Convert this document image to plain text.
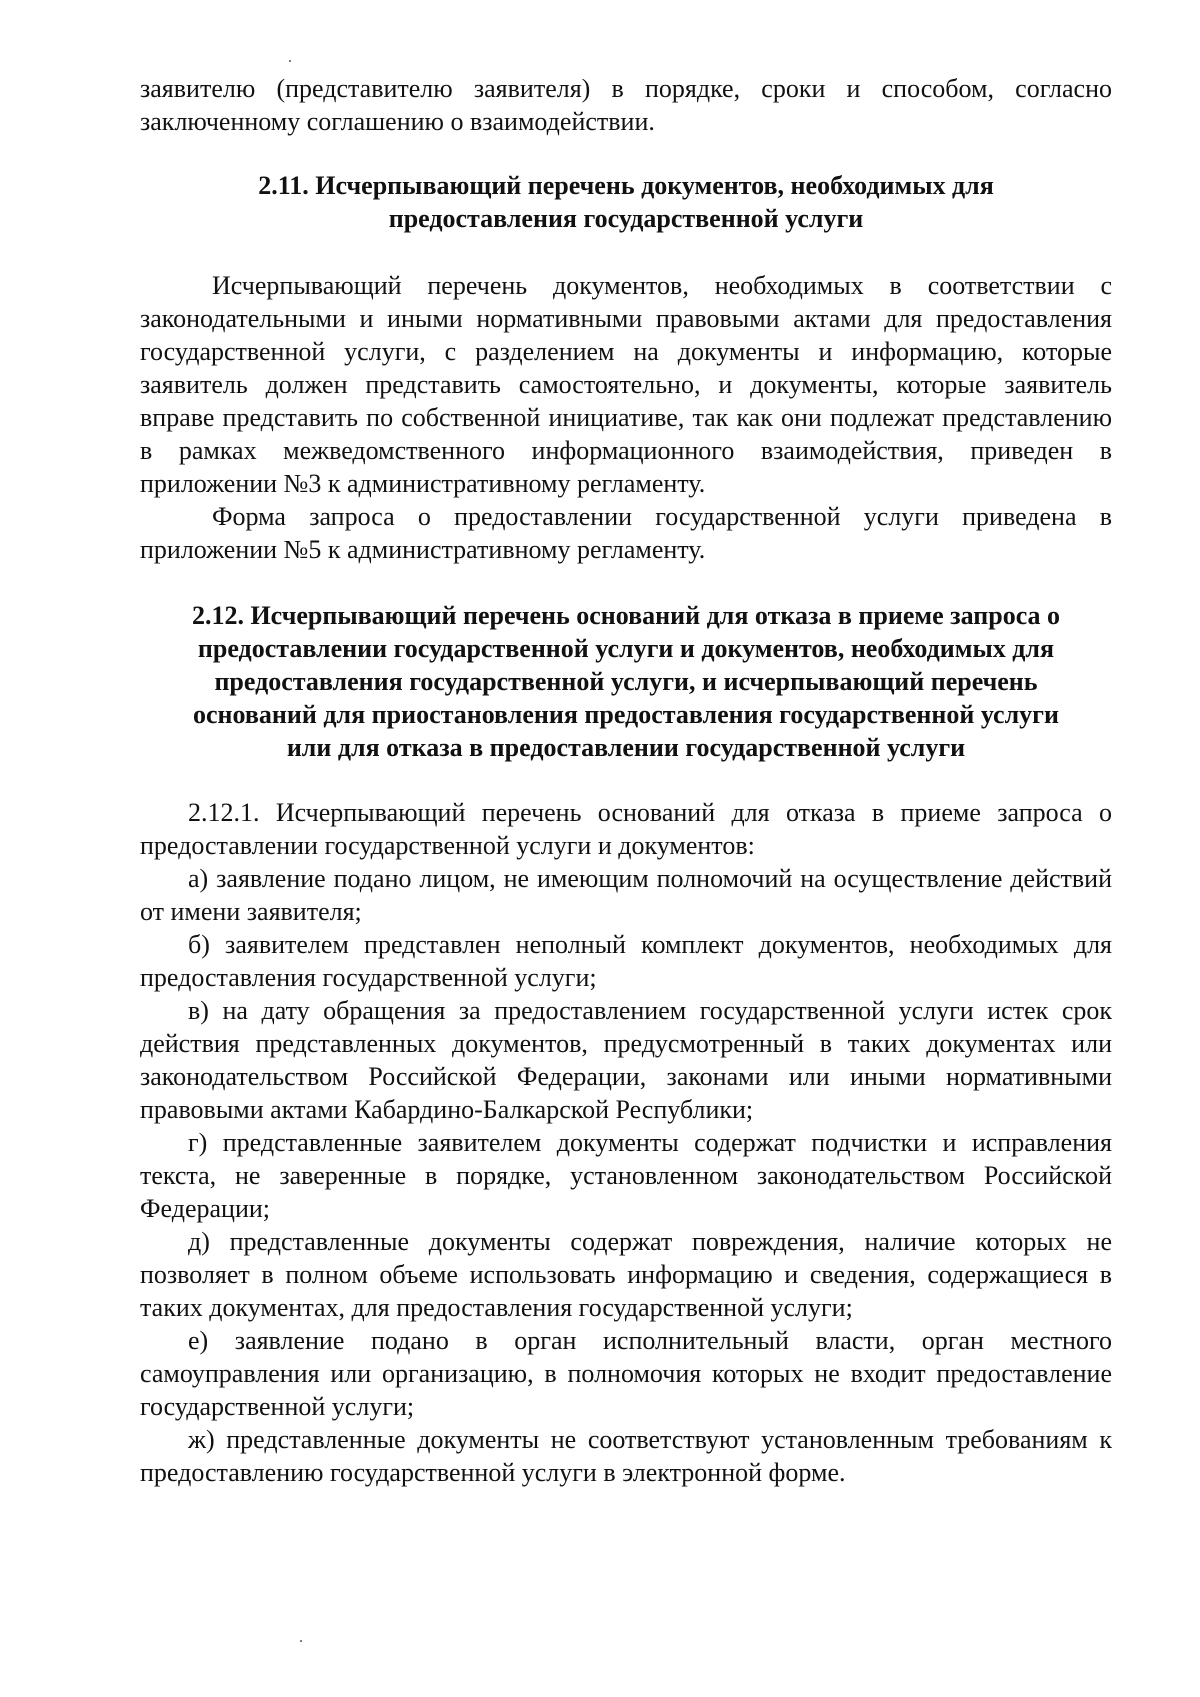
заявителю (представителю заявителя) в порядке, сроки и способом, согласно заключенному соглашению о взаимодействии.

2.11. Исчерпывающий перечень документов, необходимых для
предоставления государственной услуги

Исчерпывающий перечень документов, необходимых в соответствии с законодательными и иными нормативными правовыми актами для предоставления государственной услуги, с разделением на документы и информацию, которые заявитель должен представить самостоятельно, и документы, которые заявитель вправе представить по собственной инициативе, так как они подлежат представлению в рамках межведомственного информационного взаимодействия, приведен в приложении №3 к административному регламенту.

Форма запроса о предоставлении государственной услуги приведена в приложении №5 к административному регламенту.

2.12. Исчерпывающий перечень оснований для отказа в приеме запроса о
предоставлении государственной услуги и документов, необходимых для
предоставления государственной услуги, и исчерпывающий перечень
оснований для приостановления предоставления государственной услуги
или для отказа в предоставлении государственной услуги

2.12.1. Исчерпывающий перечень оснований для отказа в приеме запроса о предоставлении государственной услуги и документов:

а) заявление подано лицом, не имеющим полномочий на осуществление действий от имени заявителя;

б) заявителем представлен неполный комплект документов, необходимых для предоставления государственной услуги;

в) на дату обращения за предоставлением государственной услуги истек срок действия представленных документов, предусмотренный в таких документах или законодательством Российской Федерации, законами или иными нормативными правовыми актами Кабардино-Балкарской Республики;

г) представленные заявителем документы содержат подчистки и исправления текста, не заверенные в порядке, установленном законодательством Российской Федерации;

д) представленные документы содержат повреждения, наличие которых не позволяет в полном объеме использовать информацию и сведения, содержащиеся в таких документах, для предоставления государственной услуги;

е) заявление подано в орган исполнительный власти, орган местного самоуправления или организацию, в полномочия которых не входит предоставление государственной услуги;

ж) представленные документы не соответствуют установленным требованиям к предоставлению государственной услуги в электронной форме.
